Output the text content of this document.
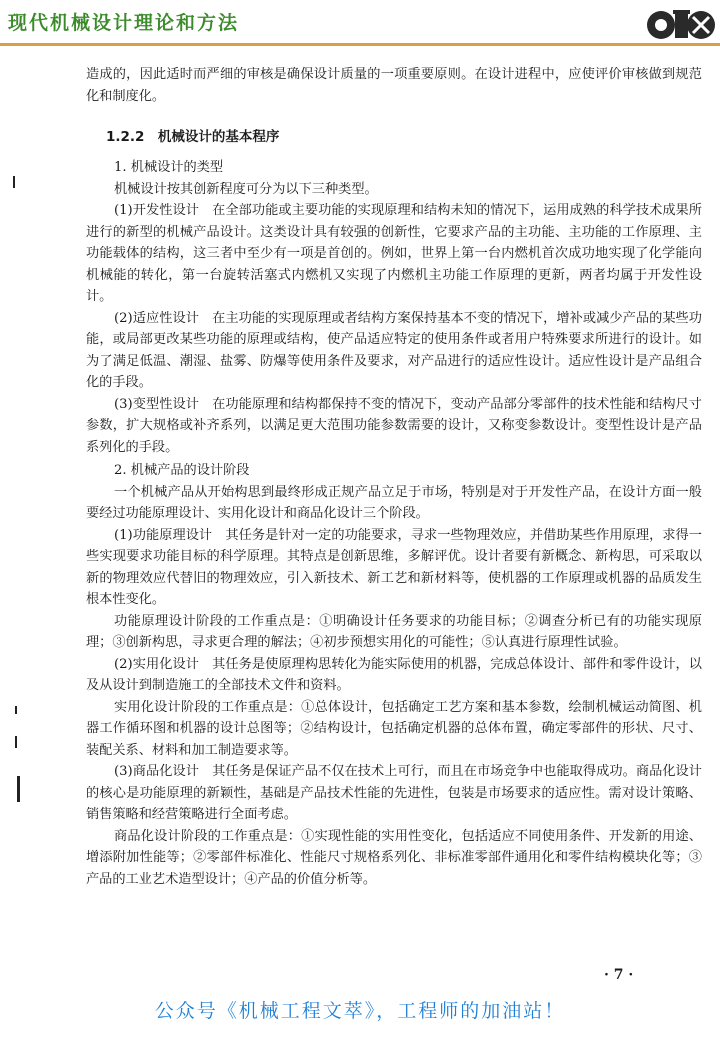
现代机械设计理论和方法

造成的，因此适时而严细的审核是确保设计质量的一项重要原则。在设计进程中，应使评价审核做到规范化和制度化。

1.2.2　机械设计的基本程序
1. 机械设计的类型

机械设计按其创新程度可分为以下三种类型。

(1)开发性设计　在全部功能或主要功能的实现原理和结构未知的情况下，运用成熟的科学技术成果所进行的新型的机械产品设计。这类设计具有较强的创新性，它要求产品的主功能、主功能的工作原理、主功能载体的结构，这三者中至少有一项是首创的。例如，世界上第一台内燃机首次成功地实现了化学能向机械能的转化，第一台旋转活塞式内燃机又实现了内燃机主功能工作原理的更新，两者均属于开发性设计。

(2)适应性设计　在主功能的实现原理或者结构方案保持基本不变的情况下，增补或减少产品的某些功能，或局部更改某些功能的原理或结构，使产品适应特定的使用条件或者用户特殊要求所进行的设计。如为了满足低温、潮湿、盐雾、防爆等使用条件及要求，对产品进行的适应性设计。适应性设计是产品组合化的手段。

(3)变型性设计　在功能原理和结构都保持不变的情况下，变动产品部分零部件的技术性能和结构尺寸参数，扩大规格或补齐系列，以满足更大范围功能参数需要的设计，又称变参数设计。变型性设计是产品系列化的手段。

2. 机械产品的设计阶段

一个机械产品从开始构思到最终形成正规产品立足于市场，特别是对于开发性产品，在设计方面一般要经过功能原理设计、实用化设计和商品化设计三个阶段。

(1)功能原理设计　其任务是针对一定的功能要求，寻求一些物理效应，并借助某些作用原理，求得一些实现要求功能目标的科学原理。其特点是创新思维，多解评优。设计者要有新概念、新构思，可采取以新的物理效应代替旧的物理效应，引入新技术、新工艺和新材料等，使机器的工作原理或机器的品质发生根本性变化。

功能原理设计阶段的工作重点是：①明确设计任务要求的功能目标；②调查分析已有的功能实现原理；③创新构思，寻求更合理的解法；④初步预想实用化的可能性；⑤认真进行原理性试验。

(2)实用化设计　其任务是使原理构思转化为能实际使用的机器，完成总体设计、部件和零件设计，以及从设计到制造施工的全部技术文件和资料。

实用化设计阶段的工作重点是：①总体设计，包括确定工艺方案和基本参数，绘制机械运动简图、机器工作循环图和机器的设计总图等；②结构设计，包括确定机器的总体布置，确定零部件的形状、尺寸、装配关系、材料和加工制造要求等。

(3)商品化设计　其任务是保证产品不仅在技术上可行，而且在市场竞争中也能取得成功。商品化设计的核心是功能原理的新颖性，基础是产品技术性能的先进性，包装是市场要求的适应性。需对设计策略、销售策略和经营策略进行全面考虑。

商品化设计阶段的工作重点是：①实现性能的实用性变化，包括适应不同使用条件、开发新的用途、增添附加性能等；②零部件标准化、性能尺寸规格系列化、非标准零部件通用化和零件结构模块化等；③产品的工业艺术造型设计；④产品的价值分析等。

· 7 ·
公众号《机械工程文萃》，工程师的加油站！
